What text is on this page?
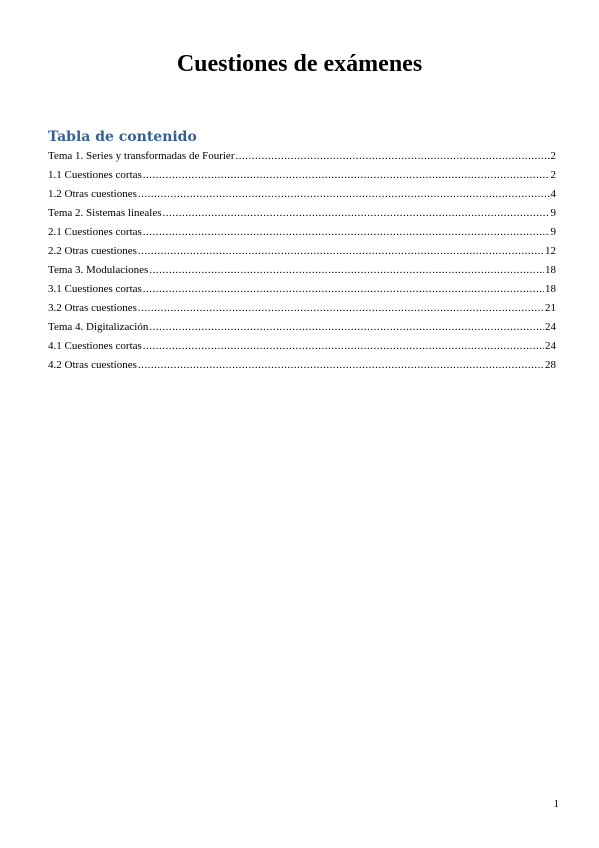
Cuestiones de exámenes
Tabla de contenido
Tema 1. Series y transformadas de Fourier .....	2
1.1 Cuestiones cortas .....	2
1.2 Otras cuestiones .....	4
Tema 2. Sistemas lineales .....	9
2.1 Cuestiones cortas .....	9
2.2 Otras cuestiones .....	12
Tema 3. Modulaciones .....	18
3.1 Cuestiones cortas .....	18
3.2 Otras cuestiones .....	21
Tema 4. Digitalización .....	24
4.1 Cuestiones cortas .....	24
4.2 Otras cuestiones .....	28

1
